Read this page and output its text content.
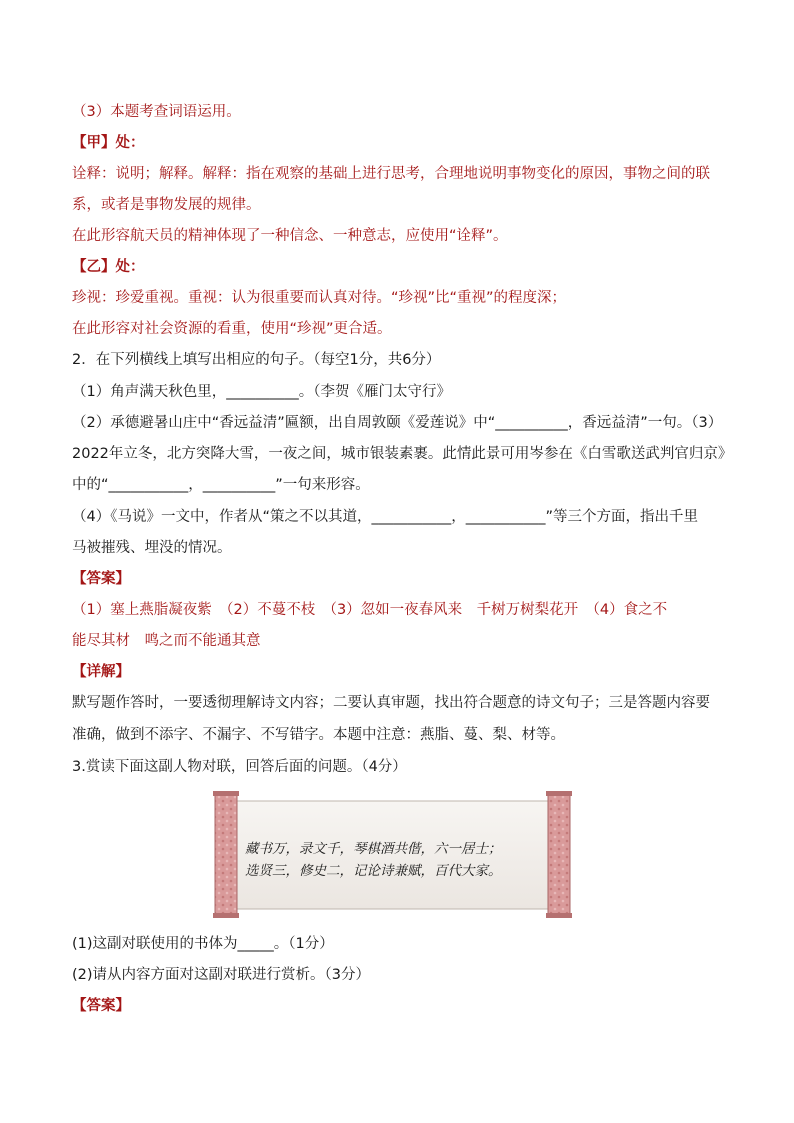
（3）本题考查词语运用。
【甲】处：
诠释：说明；解释。解释：指在观察的基础上进行思考，合理地说明事物变化的原因，事物之间的联
系，或者是事物发展的规律。
在此形容航天员的精神体现了一种信念、一种意志，应使用“诠释”。
【乙】处：
珍视：珍爱重视。重视：认为很重要而认真对待。“珍视”比“重视”的程度深；
在此形容对社会资源的看重，使用“珍视”更合适。
2．在下列横线上填写出相应的句子。（每空1分，共6分）
（1）角声满天秋色里，__________。（李贺《雁门太守行》
（2）承德避暑山庄中“香远益清”匾额，出自周敦颐《爱莲说》中“__________，香远益清”一句。（3）
2022年立冬，北方突降大雪，一夜之间，城市银装素裹。此情此景可用岑参在《白雪歌送武判官归京》
中的“___________，__________”一句来形容。
（4）《马说》一文中，作者从“策之不以其道，___________，___________”等三个方面，指出千里
马被摧残、埋没的情况。
【答案】
（1）塞上燕脂凝夜紫　（2）不蔓不枝　（3）忽如一夜春风来　千树万树梨花开　（4）食之不
能尽其材　鸣之而不能通其意
【详解】
默写题作答时，一要透彻理解诗文内容；二要认真审题，找出符合题意的诗文句子；三是答题内容要
准确，做到不添字、不漏字、不写错字。本题中注意：燕脂、蔓、梨、材等。
3.赏读下面这副人物对联，回答后面的问题。（4分）
藏书万，录文千，琴棋酒共偕，六一居士；
选贤三，修史二，记论诗兼赋，百代大家。
(1)这副对联使用的书体为_____。（1分）
(2)请从内容方面对这副对联进行赏析。（3分）
【答案】
